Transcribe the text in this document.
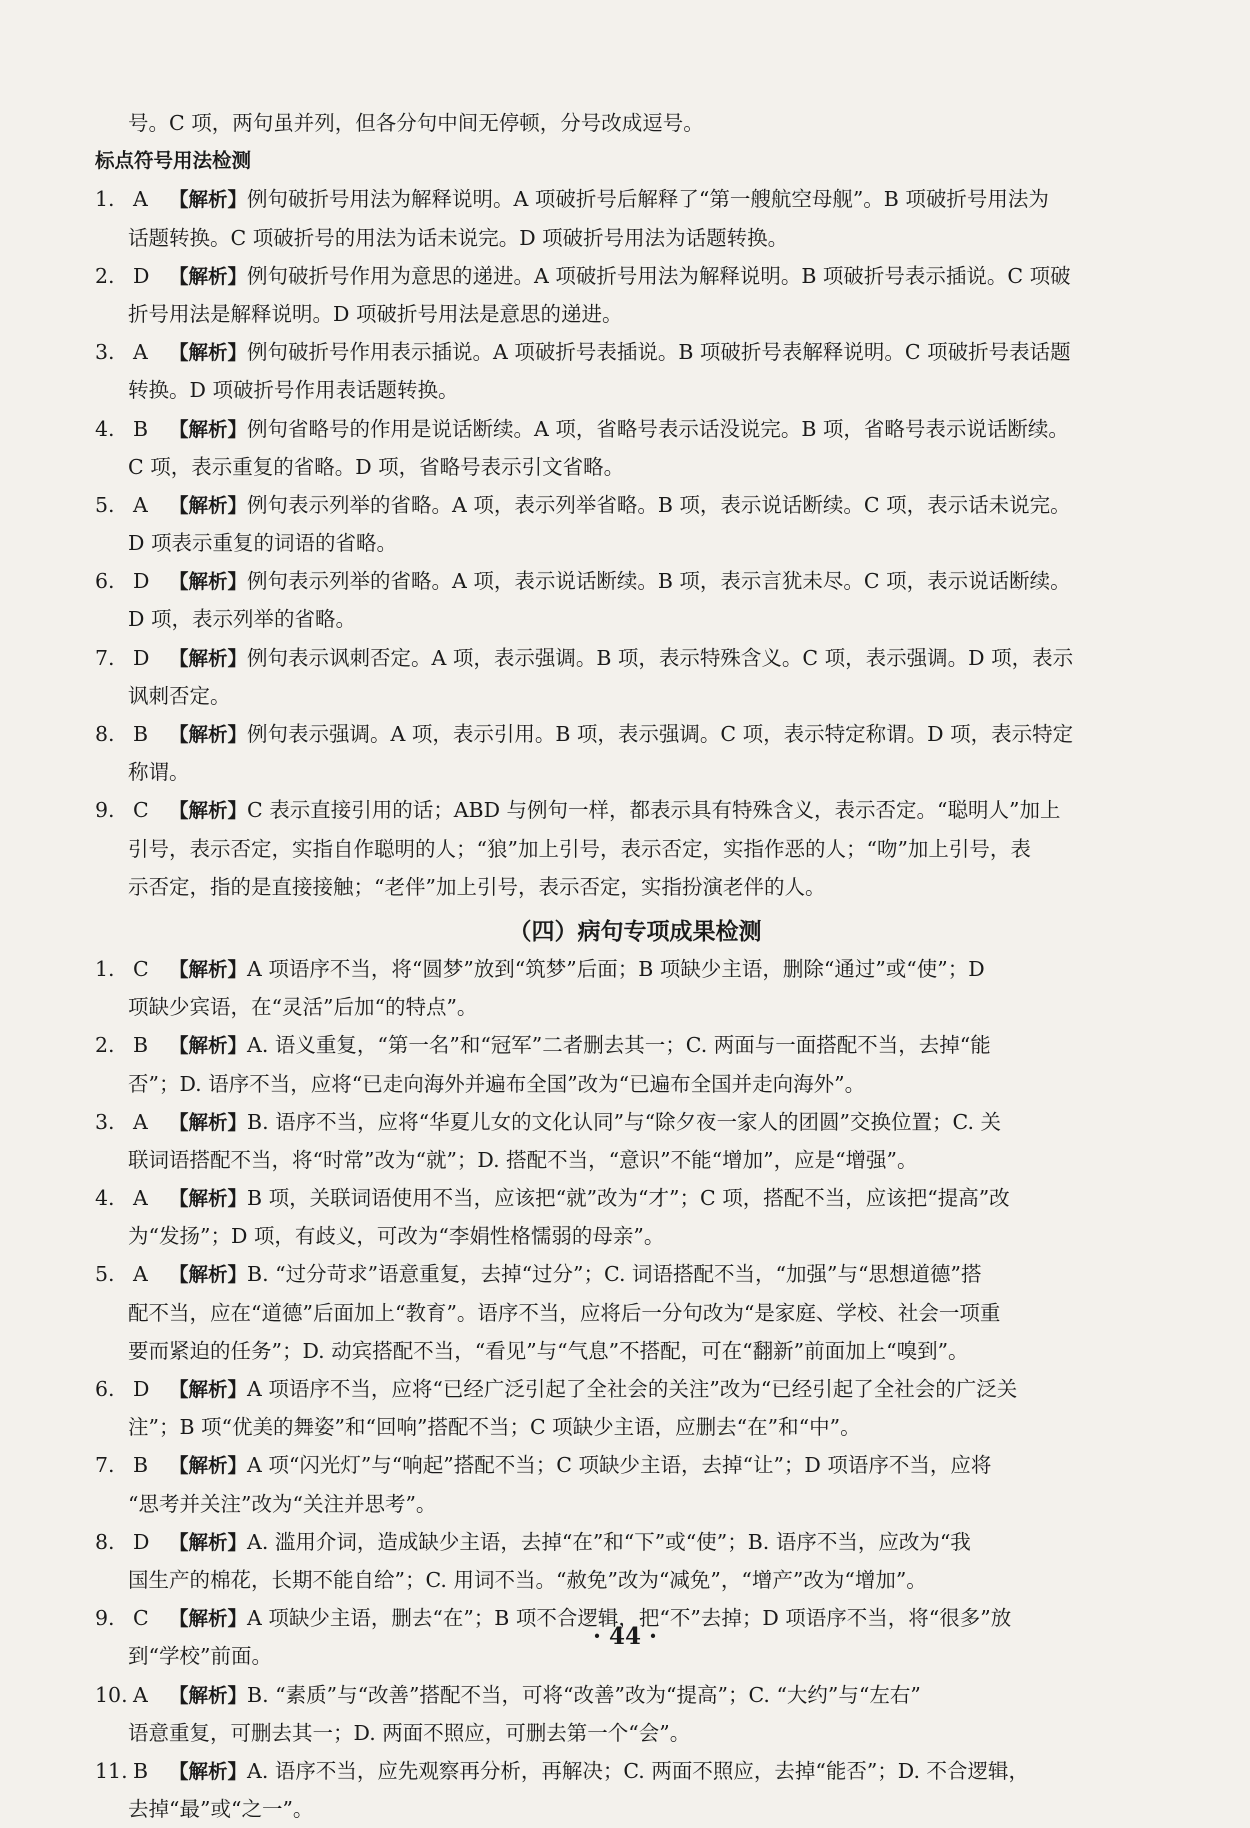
号。C 项，两句虽并列，但各分句中间无停顿，分号改成逗号。
标点符号用法检测
1. A 【解析】例句破折号用法为解释说明。A 项破折号后解释了“第一艘航空母舰”。B 项破折号用法为
话题转换。C 项破折号的用法为话未说完。D 项破折号用法为话题转换。
2. D 【解析】例句破折号作用为意思的递进。A 项破折号用法为解释说明。B 项破折号表示插说。C 项破
折号用法是解释说明。D 项破折号用法是意思的递进。
3. A 【解析】例句破折号作用表示插说。A 项破折号表插说。B 项破折号表解释说明。C 项破折号表话题
转换。D 项破折号作用表话题转换。
4. B 【解析】例句省略号的作用是说话断续。A 项，省略号表示话没说完。B 项，省略号表示说话断续。
C 项，表示重复的省略。D 项，省略号表示引文省略。
5. A 【解析】例句表示列举的省略。A 项，表示列举省略。B 项，表示说话断续。C 项，表示话未说完。
D 项表示重复的词语的省略。
6. D 【解析】例句表示列举的省略。A 项，表示说话断续。B 项，表示言犹未尽。C 项，表示说话断续。
D 项，表示列举的省略。
7. D 【解析】例句表示讽刺否定。A 项，表示强调。B 项，表示特殊含义。C 项，表示强调。D 项，表示
讽刺否定。
8. B 【解析】例句表示强调。A 项，表示引用。B 项，表示强调。C 项，表示特定称谓。D 项，表示特定
称谓。
9. C 【解析】C 表示直接引用的话；ABD 与例句一样，都表示具有特殊含义，表示否定。“聪明人”加上
引号，表示否定，实指自作聪明的人；“狼”加上引号，表示否定，实指作恶的人；“吻”加上引号，表
示否定，指的是直接接触；“老伴”加上引号，表示否定，实指扮演老伴的人。
（四）病句专项成果检测
1. C 【解析】A 项语序不当，将“圆梦”放到“筑梦”后面；B 项缺少主语，删除“通过”或“使”；D
项缺少宾语，在“灵活”后加“的特点”。
2. B 【解析】A. 语义重复，“第一名”和“冠军”二者删去其一；C. 两面与一面搭配不当，去掉“能
否”；D. 语序不当，应将“已走向海外并遍布全国”改为“已遍布全国并走向海外”。
3. A 【解析】B. 语序不当，应将“华夏儿女的文化认同”与“除夕夜一家人的团圆”交换位置；C. 关
联词语搭配不当，将“时常”改为“就”；D. 搭配不当，“意识”不能“增加”，应是“增强”。
4. A 【解析】B 项，关联词语使用不当，应该把“就”改为“才”；C 项，搭配不当，应该把“提高”改
为“发扬”；D 项，有歧义，可改为“李娟性格懦弱的母亲”。
5. A 【解析】B. “过分苛求”语意重复，去掉“过分”；C. 词语搭配不当，“加强”与“思想道德”搭
配不当，应在“道德”后面加上“教育”。语序不当，应将后一分句改为“是家庭、学校、社会一项重
要而紧迫的任务”；D. 动宾搭配不当，“看见”与“气息”不搭配，可在“翻新”前面加上“嗅到”。
6. D 【解析】A 项语序不当，应将“已经广泛引起了全社会的关注”改为“已经引起了全社会的广泛关
注”；B 项“优美的舞姿”和“回响”搭配不当；C 项缺少主语，应删去“在”和“中”。
7. B 【解析】A 项“闪光灯”与“响起”搭配不当；C 项缺少主语，去掉“让”；D 项语序不当，应将
“思考并关注”改为“关注并思考”。
8. D 【解析】A. 滥用介词，造成缺少主语，去掉“在”和“下”或“使”；B. 语序不当，应改为“我
国生产的棉花，长期不能自给”；C. 用词不当。“赦免”改为“减免”，“增产”改为“增加”。
9. C 【解析】A 项缺少主语，删去“在”；B 项不合逻辑，把“不”去掉；D 项语序不当，将“很多”放
到“学校”前面。
10. A 【解析】B. “素质”与“改善”搭配不当，可将“改善”改为“提高”；C. “大约”与“左右”
语意重复，可删去其一；D. 两面不照应，可删去第一个“会”。
11. B 【解析】A. 语序不当，应先观察再分析，再解决；C. 两面不照应，去掉“能否”；D. 不合逻辑，
去掉“最”或“之一”。
· 44 ·
